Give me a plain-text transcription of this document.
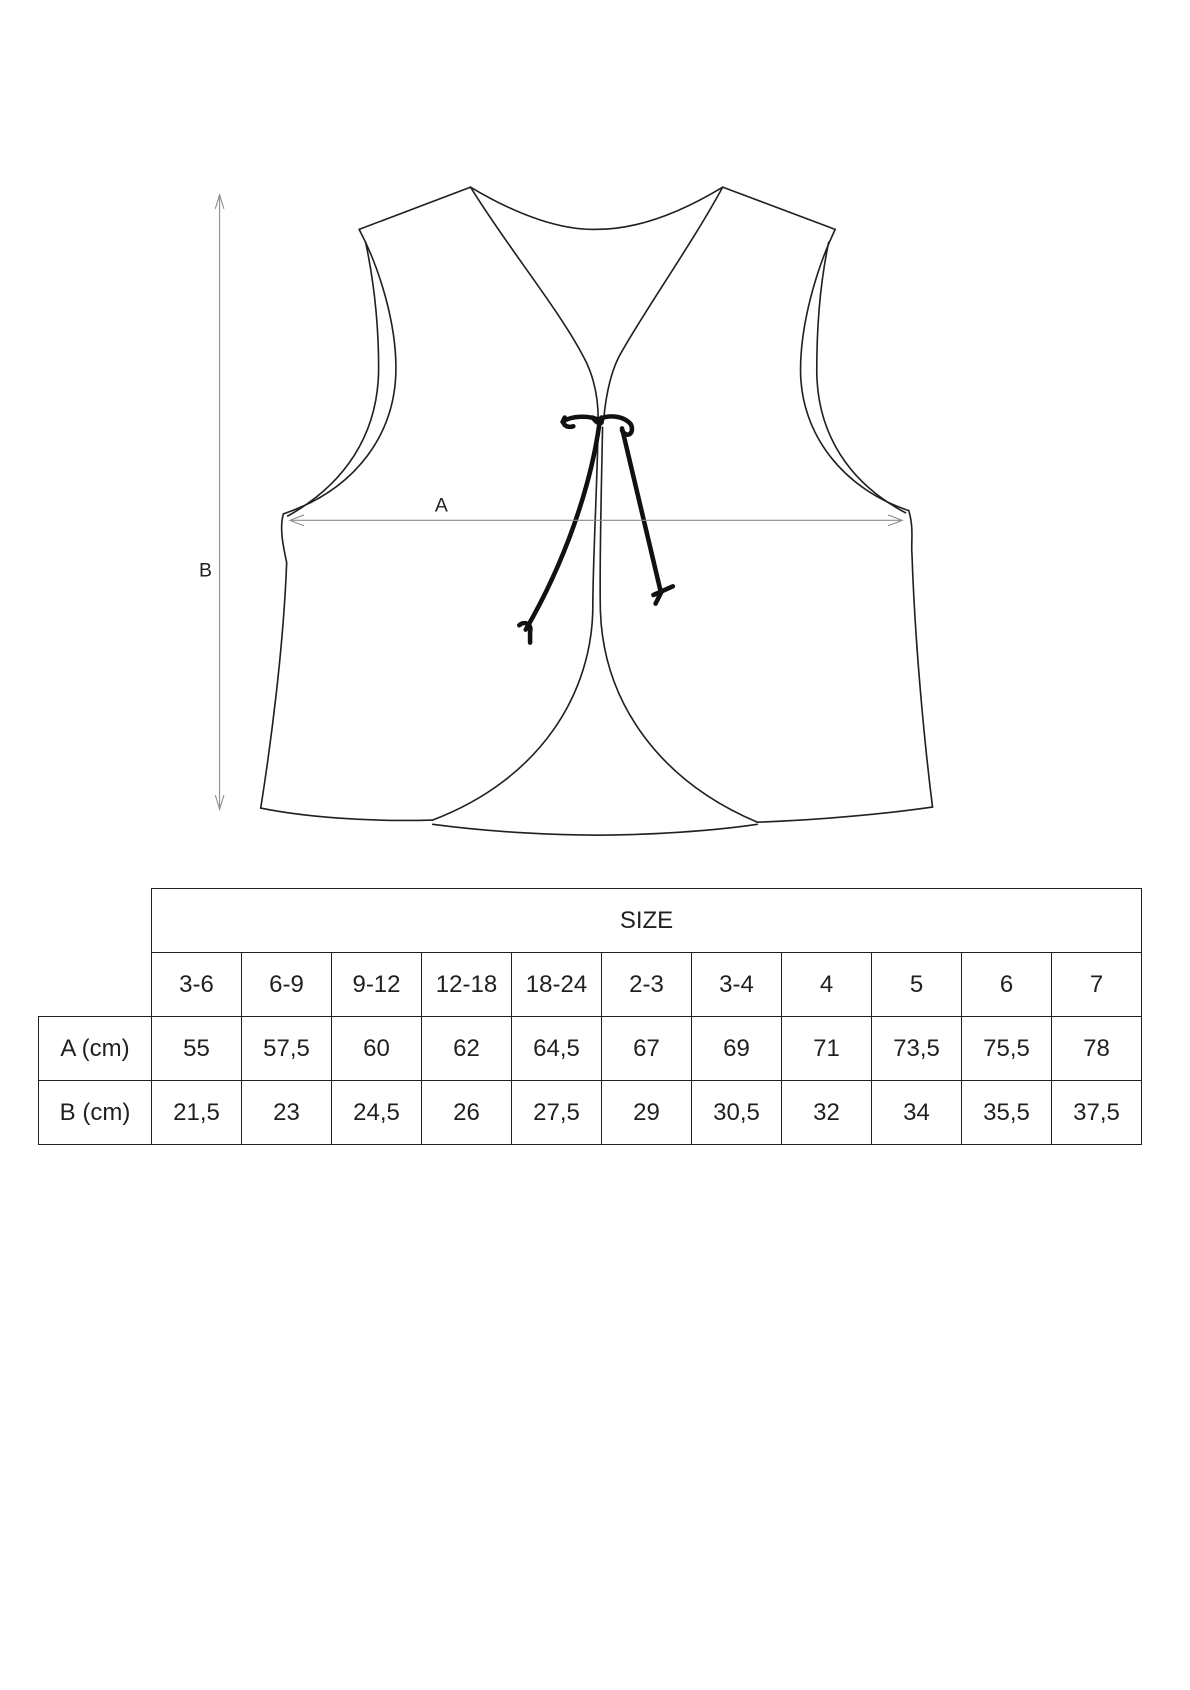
A
B
	SIZE										
	3-6	6-9	9-12	12-18	18-24	2-3	3-4	4	5	6	7
A (cm)	55	57,5	60	62	64,5	67	69	71	73,5	75,5	78
B (cm)	21,5	23	24,5	26	27,5	29	30,5	32	34	35,5	37,5
